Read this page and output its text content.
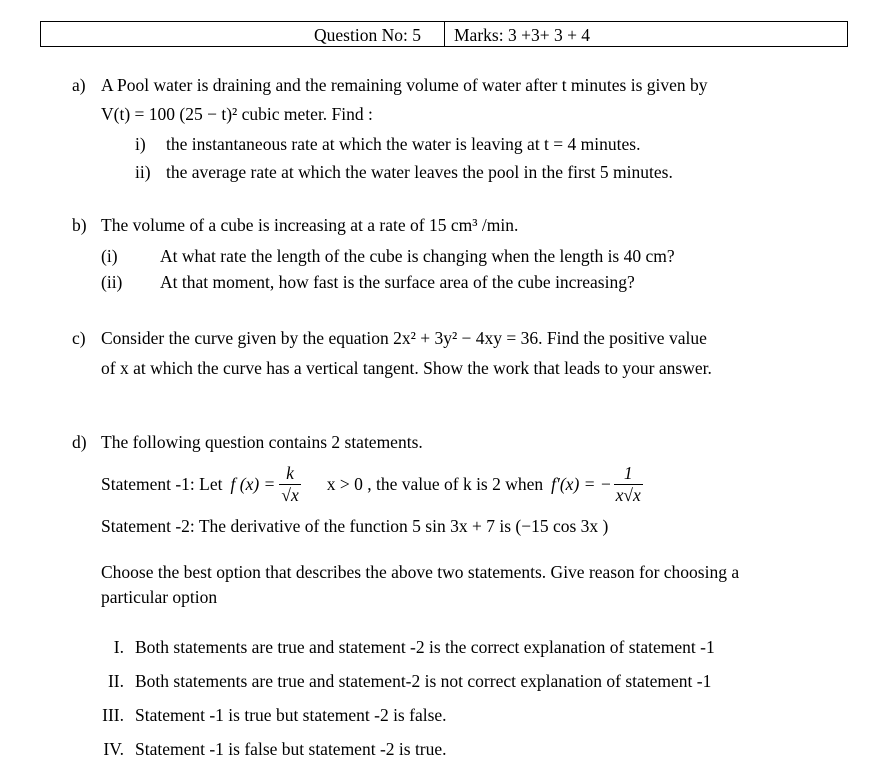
Question No: 5 Marks: 3 +3+ 3 + 4
a) A Pool water is draining and the remaining volume of water after t minutes is given by
V(t) = 100 (25 − t)² cubic meter. Find :
i) the instantaneous rate at which the water is leaving at t = 4 minutes.
ii) the average rate at which the water leaves the pool in the first 5 minutes.
b) The volume of a cube is increasing at a rate of 15 cm³ /min.
(i) At what rate the length of the cube is changing when the length is 40 cm?
(ii) At that moment, how fast is the surface area of the cube increasing?
c) Consider the curve given by the equation 2x² + 3y² − 4xy = 36. Find the positive value
of x at which the curve has a vertical tangent. Show the work that leads to your answer.
d) The following question contains 2 statements.
Statement -1: Let f $(x) = \frac{k}{√x}$ x > 0 , the value of k is 2 when f′(x) = − $\frac{1}{x√x}$
Statement -2: The derivative of the function 5 sin 3x + 7 is (−15 cos 3x )
Choose the best option that describes the above two statements. Give reason for choosing a
particular option
I. Both statements are true and statement -2 is the correct explanation of statement -1
II. Both statements are true and statement-2 is not correct explanation of statement -1
III. Statement -1 is true but statement -2 is false.
IV. Statement -1 is false but statement -2 is true.
